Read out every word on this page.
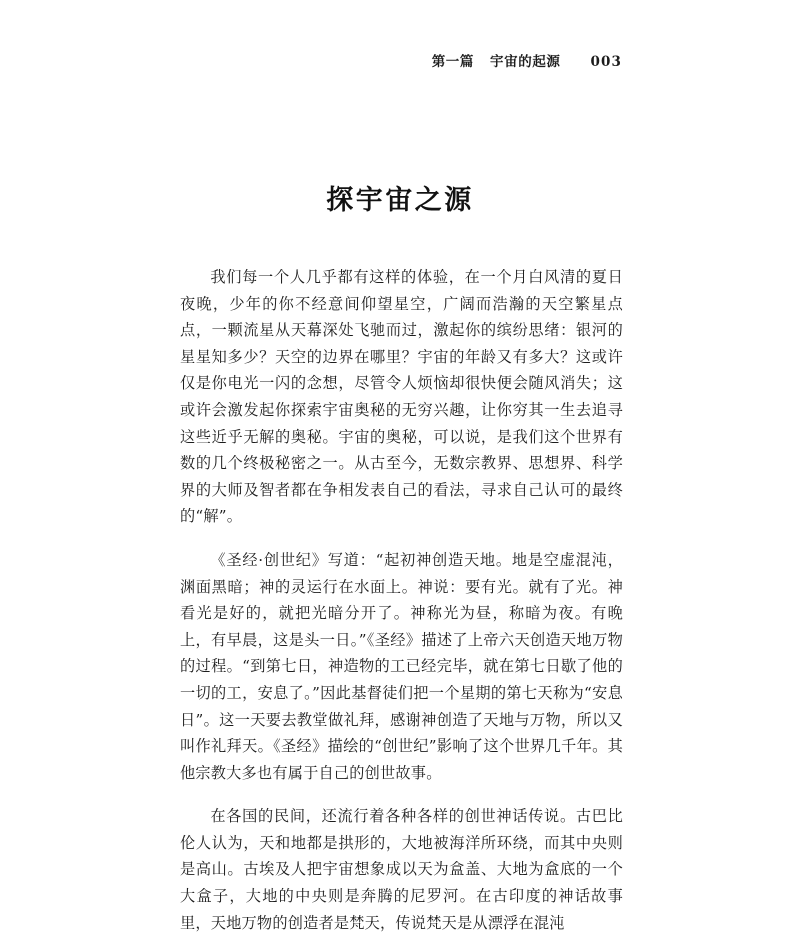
第一篇 宇宙的起源 003
探宇宙之源

我们每一个人几乎都有这样的体验，在一个月白风清的夏日夜晚，少年的你不经意间仰望星空，广阔而浩瀚的天空繁星点点，一颗流星从天幕深处飞驰而过，激起你的缤纷思绪：银河的星星知多少？天空的边界在哪里？宇宙的年龄又有多大？这或许仅是你电光一闪的念想，尽管令人烦恼却很快便会随风消失；这或许会激发起你探索宇宙奥秘的无穷兴趣，让你穷其一生去追寻这些近乎无解的奥秘。宇宙的奥秘，可以说，是我们这个世界有数的几个终极秘密之一。从古至今，无数宗教界、思想界、科学界的大师及智者都在争相发表自己的看法，寻求自己认可的最终的“解”。

《圣经·创世纪》写道：“起初神创造天地。地是空虚混沌，渊面黑暗；神的灵运行在水面上。神说：要有光。就有了光。神看光是好的，就把光暗分开了。神称光为昼，称暗为夜。有晚上，有早晨，这是头一日。”《圣经》描述了上帝六天创造天地万物的过程。“到第七日，神造物的工已经完毕，就在第七日歇了他的一切的工，安息了。”因此基督徒们把一个星期的第七天称为“安息日”。这一天要去教堂做礼拜，感谢神创造了天地与万物，所以又叫作礼拜天。《圣经》描绘的“创世纪”影响了这个世界几千年。其他宗教大多也有属于自己的创世故事。

在各国的民间，还流行着各种各样的创世神话传说。古巴比伦人认为，天和地都是拱形的，大地被海洋所环绕，而其中央则是高山。古埃及人把宇宙想象成以天为盒盖、大地为盒底的一个大盒子，大地的中央则是奔腾的尼罗河。在古印度的神话故事里，天地万物的创造者是梵天，传说梵天是从漂浮在混沌
